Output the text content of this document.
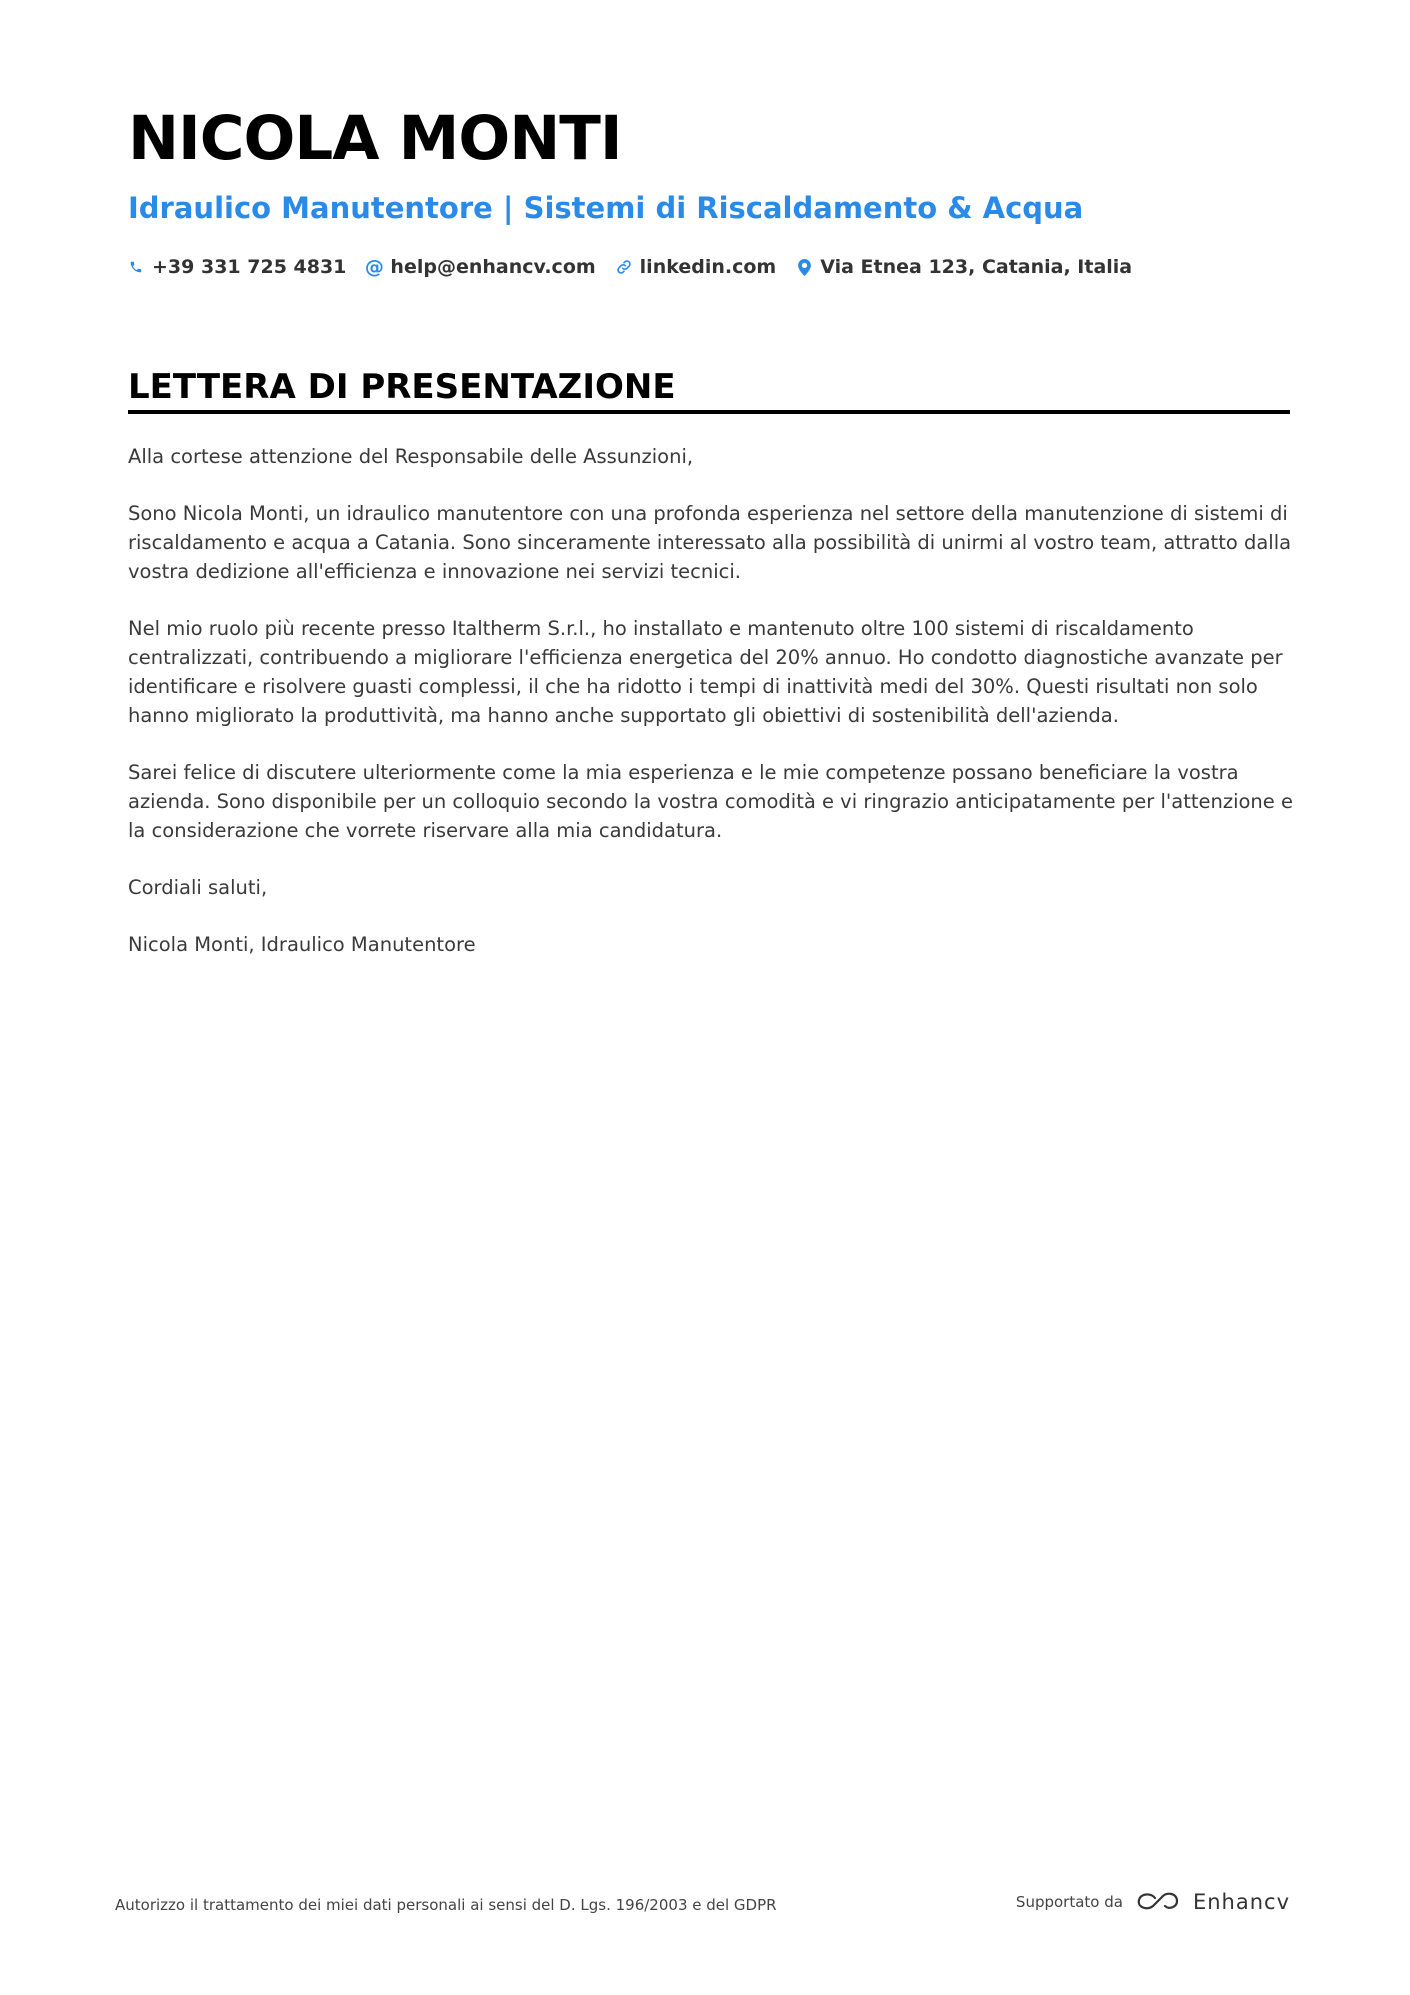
NICOLA MONTI
Idraulico Manutentore | Sistemi di Riscaldamento & Acqua
+39 331 725 4831 @ help@enhancv.com linkedin.com Via Etnea 123, Catania, Italia
LETTERA DI PRESENTAZIONE

Alla cortese attenzione del Responsabile delle Assunzioni,

Sono Nicola Monti, un idraulico manutentore con una profonda esperienza nel settore della manutenzione di sistemi di riscaldamento e acqua a Catania. Sono sinceramente interessato alla possibilità di unirmi al vostro team, attratto dalla vostra dedizione all'efficienza e innovazione nei servizi tecnici.

Nel mio ruolo più recente presso Italtherm S.r.l., ho installato e mantenuto oltre 100 sistemi di riscaldamento centralizzati, contribuendo a migliorare l'efficienza energetica del 20% annuo. Ho condotto diagnostiche avanzate per identificare e risolvere guasti complessi, il che ha ridotto i tempi di inattività medi del 30%. Questi risultati non solo hanno migliorato la produttività, ma hanno anche supportato gli obiettivi di sostenibilità dell'azienda.

Sarei felice di discutere ulteriormente come la mia esperienza e le mie competenze possano beneficiare la vostra azienda. Sono disponibile per un colloquio secondo la vostra comodità e vi ringrazio anticipatamente per l'attenzione e la considerazione che vorrete riservare alla mia candidatura.

Cordiali saluti,

Nicola Monti, Idraulico Manutentore

Autorizzo il trattamento dei miei dati personali ai sensi del D. Lgs. 196/2003 e del GDPR	Supportato da	Enhancv
